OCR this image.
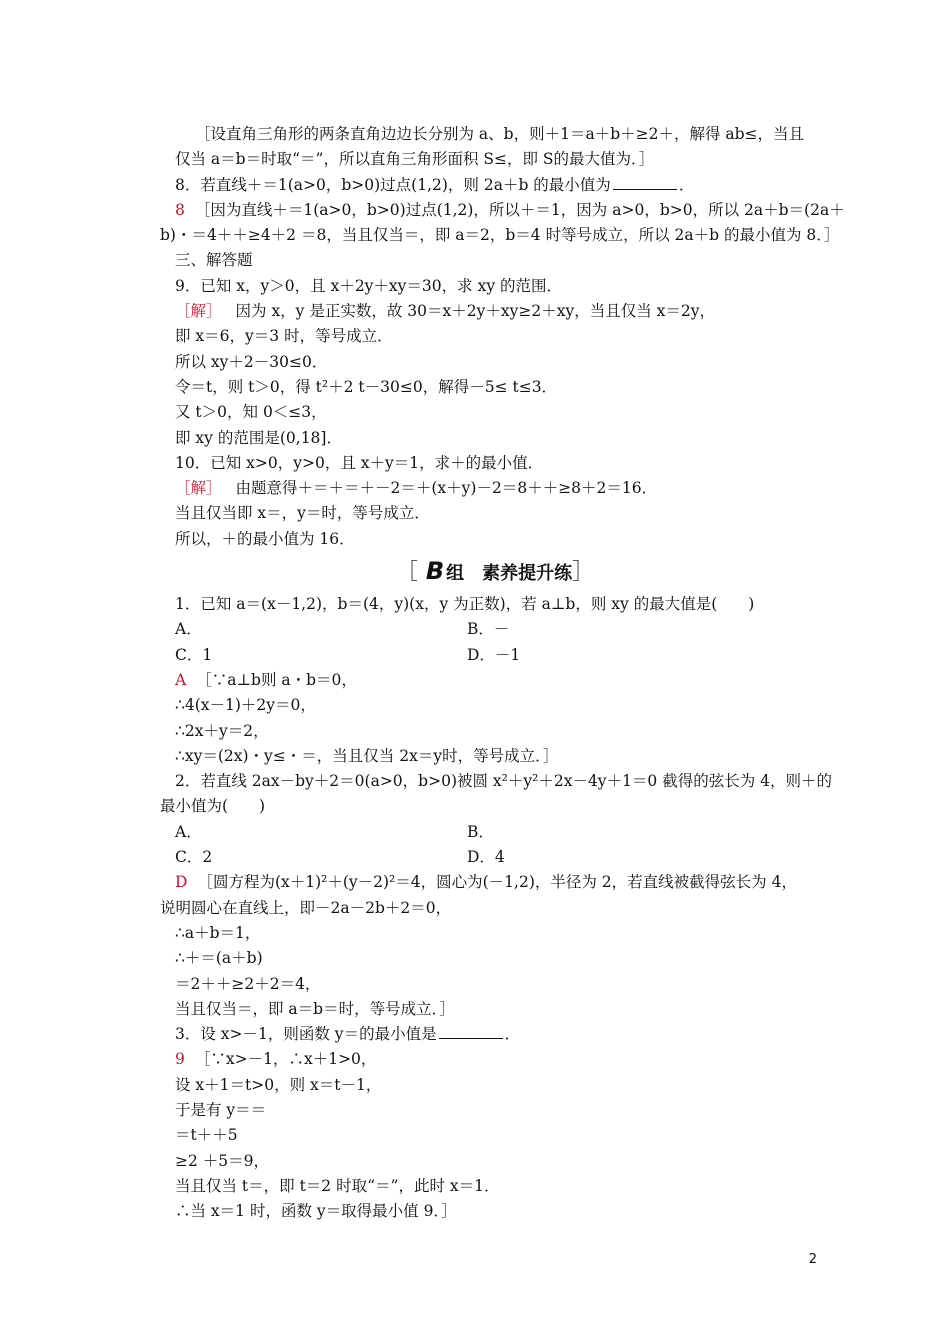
［设直角三角形的两条直角边边长分别为 a、b，则＋1＝a＋b＋≥2＋，解得 ab≤，当且
仅当 a＝b＝时取“＝”，所以直角三角形面积 S≤，即 S的最大值为．］
8．若直线＋＝1(a>0，b>0)过点(1,2)，则 2a＋b 的最小值为	．
8 ［因为直线＋＝1(a>0，b>0)过点(1,2)，所以＋＝1，因为 a>0，b>0，所以 2a＋b＝(2a＋
b)・＝4＋＋≥4＋2 ＝8，当且仅当＝，即 a＝2，b＝4 时等号成立，所以 2a＋b 的最小值为 8．］
三、解答题
9．已知 x，y＞0，且 x＋2y＋xy＝30，求 xy 的范围．
［解］ 因为 x，y 是正实数，故 30＝x＋2y＋xy≥2＋xy，当且仅当 x＝2y，
即 x＝6，y＝3 时，等号成立．
所以 xy＋2－30≤0．
令＝t，则 t＞0，得 t²＋2 t－30≤0，解得－5≤ t≤3．
又 t＞0，知 0＜≤3，
即 xy 的范围是(0,18]．
10．已知 x>0，y>0，且 x＋y＝1，求＋的最小值．
［解］ 由题意得＋＝＋＝＋－2＝＋(x＋y)－2＝8＋＋≥8＋2＝16．
当且仅当即 x＝，y＝时，等号成立．
所以，＋的最小值为 16．
［ B 组　素养提升练］
1．已知 a＝(x－1,2)，b＝(4，y)(x，y 为正数)，若 a⊥b，则 xy 的最大值是(　　)
A．	B．－
C．1	D．－1
A ［∵a⊥b则 a・b＝0，
∴4(x－1)＋2y＝0，
∴2x＋y＝2，
∴xy＝(2x)・y≤・＝，当且仅当 2x＝y时，等号成立．］
2．若直线 2ax－by＋2＝0(a>0，b>0)被圆 x²＋y²＋2x－4y＋1＝0 截得的弦长为 4，则＋的
最小值为(　　)
A．	B．
C．2	D．4
D ［圆方程为(x＋1)²＋(y－2)²＝4，圆心为(－1,2)，半径为 2，若直线被截得弦长为 4，
说明圆心在直线上，即－2a－2b＋2＝0，
∴a＋b＝1，
∴＋＝(a＋b)
＝2＋＋≥2＋2＝4，
当且仅当＝，即 a＝b＝时，等号成立．］
3．设 x>－1，则函数 y＝的最小值是	．
9 ［∵x>－1，∴x＋1>0，
设 x＋1＝t>0，则 x＝t－1，
于是有 y＝＝
＝t＋＋5
≥2 ＋5＝9，
当且仅当 t＝，即 t＝2 时取“＝”，此时 x＝1．
∴当 x＝1 时，函数 y＝取得最小值 9．］
2
